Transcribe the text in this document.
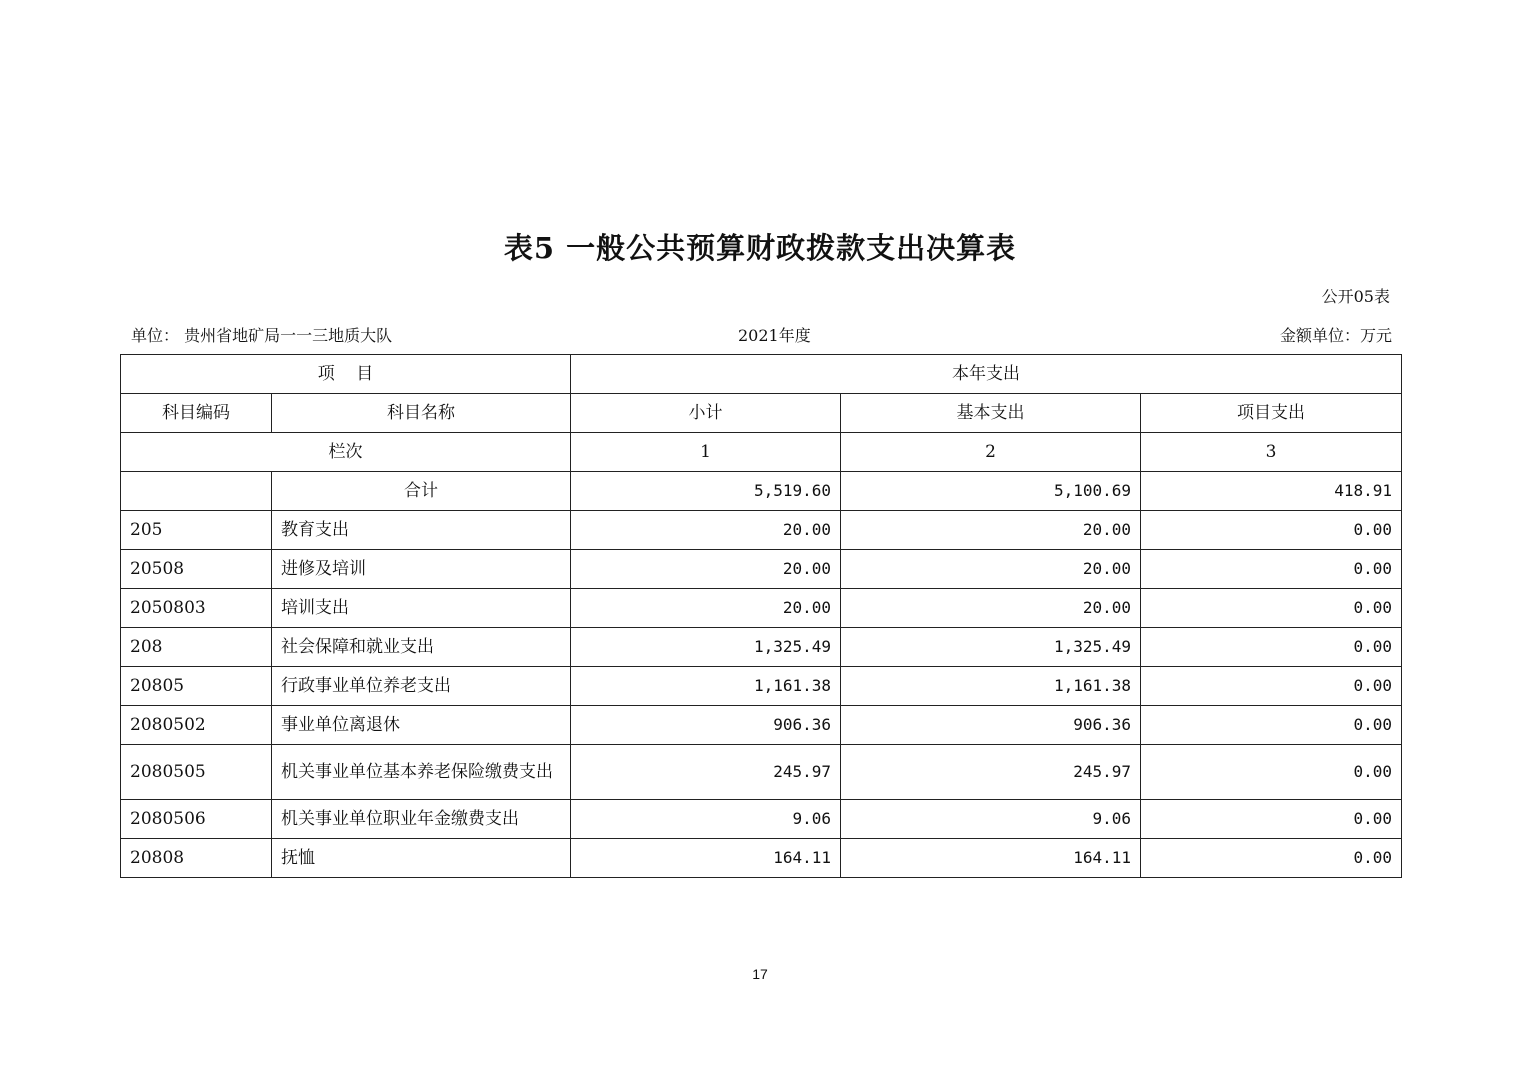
表5 一般公共预算财政拨款支出决算表
公开05表
单位： 贵州省地矿局一一三地质大队	2021年度	金额单位：万元
项    目		本年支出		
科目编码	科目名称	小计	基本支出	项目支出
栏次		1	2	3
	合计	5,519.60	5,100.69	418.91
205	教育支出	20.00	20.00	0.00
20508	进修及培训	20.00	20.00	0.00
2050803	培训支出	20.00	20.00	0.00
208	社会保障和就业支出	1,325.49	1,325.49	0.00
20805	行政事业单位养老支出	1,161.38	1,161.38	0.00
2080502	事业单位离退休	906.36	906.36	0.00
2080505	机关事业单位基本养老保险缴费支出	245.97	245.97	0.00
2080506	机关事业单位职业年金缴费支出	9.06	9.06	0.00
20808	抚恤	164.11	164.11	0.00
17
